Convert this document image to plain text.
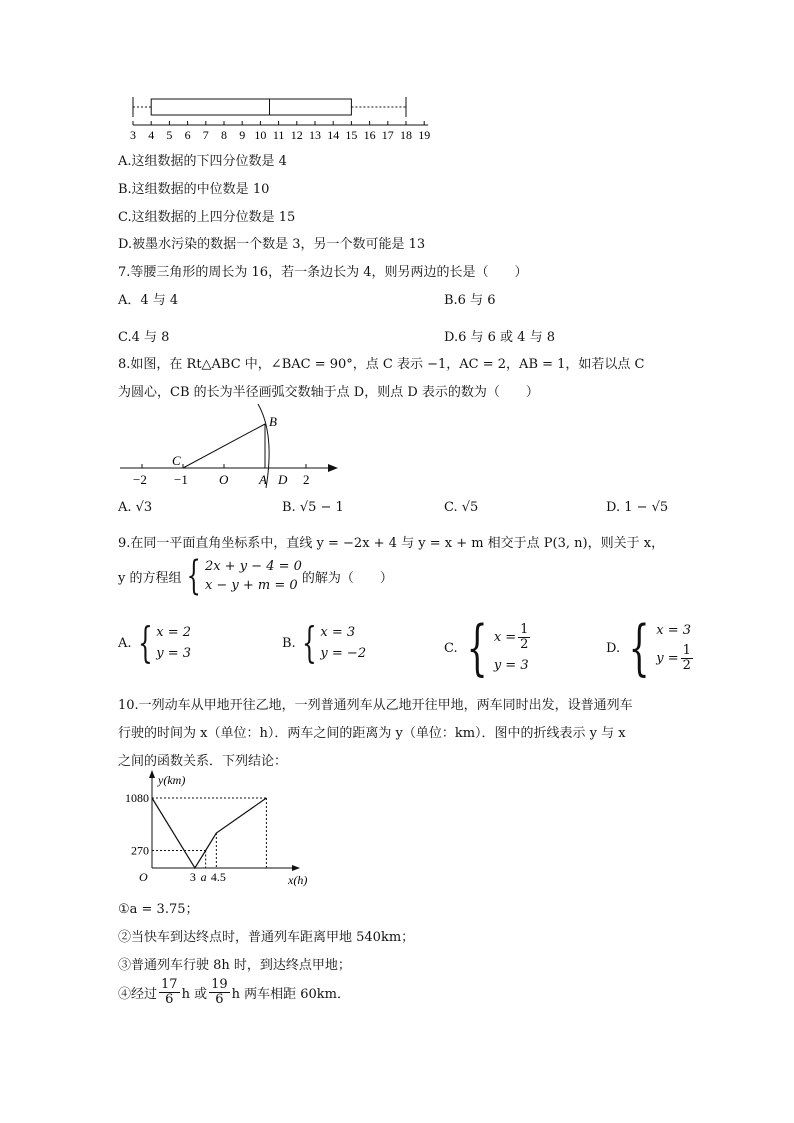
3 4 5 6 7 8 9 10 11 12 13 14 15 16 17 18 19
A.这组数据的下四分位数是 4
B.这组数据的中位数是 10
C.这组数据的上四分位数是 15
D.被墨水污染的数据一个数是 3，另一个数可能是 13
7.等腰三角形的周长为 16，若一条边长为 4，则另两边的长是（　　）
A．4 与 4	B.6 与 6
C.4 与 8	D.6 与 6 或 4 与 8
8.如图，在 Rt△ABC 中，∠BAC = 90°，点 C 表示 −1，AC = 2，AB = 1，如若以点 C
为圆心，CB 的长为半径画弧交数轴于点 D，则点 D 表示的数为（　　）
B
C
O A D
−2 −1	2
A. √3	B. √5 − 1	C. √5	D. 1 − √5
9.在同一平面直角坐标系中，直线 y = −2x + 4 与 y = x + m 相交于点 P(3, n)，则关于 x，
y 的方程组 { 2x + y − 4 = 0
x − y + m = 0 的解为（　　）
A. { x = 2
y = 3
B. { x = 3
y = −2	C. { $x = \frac{1}{2}$
y = 3
D. { x = 3
$y = \frac{1}{2}$
10.一列动车从甲地开往乙地，一列普通列车从乙地开往甲地，两车同时出发，设普通列车
行驶的时间为 x（单位：h）．两车之间的距离为 y（单位：km）．图中的折线表示 y 与 x
之间的函数关系．下列结论：
y(km)
x(h)
O
1080
270
3 a 4.5
①a = 3.75；
②当快车到达终点时，普通列车距离甲地 540km；
③普通列车行驶 8h 时，到达终点甲地；
④经过 $\frac{17}{6}$ h 或 $\frac{19}{6}$ h 两车相距 60km．
